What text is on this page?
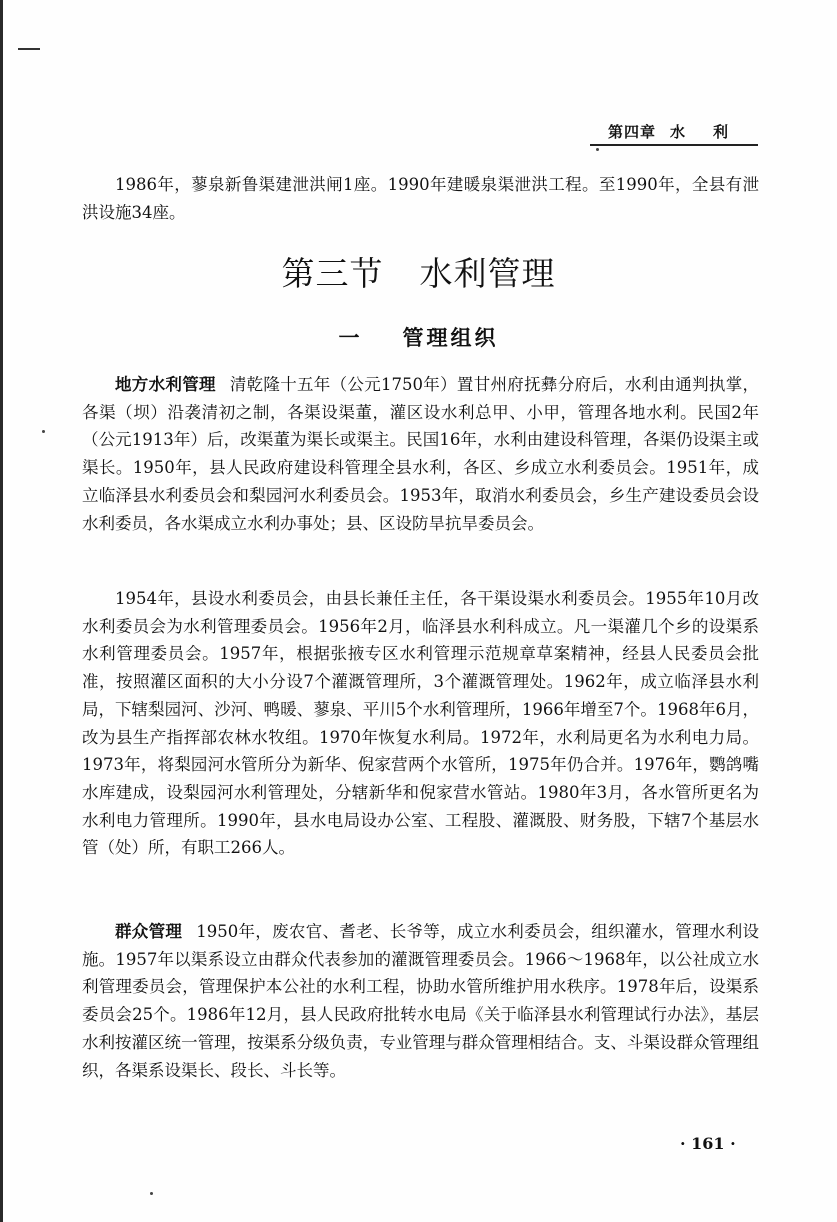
第四章 水利

1986年，蓼泉新鲁渠建泄洪闸1座。1990年建暖泉渠泄洪工程。至1990年，全县有泄洪设施34座。

第三节 水利管理
一 管理组织

地方水利管理 清乾隆十五年（公元1750年）置甘州府抚彝分府后，水利由通判执掌，各渠（坝）沿袭清初之制，各渠设渠董，灌区设水利总甲、小甲，管理各地水利。民国2年（公元1913年）后，改渠董为渠长或渠主。民国16年，水利由建设科管理，各渠仍设渠主或渠长。1950年，县人民政府建设科管理全县水利，各区、乡成立水利委员会。1951年，成立临泽县水利委员会和梨园河水利委员会。1953年，取消水利委员会，乡生产建设委员会设水利委员，各水渠成立水利办事处；县、区设防旱抗旱委员会。

1954年，县设水利委员会，由县长兼任主任，各干渠设渠水利委员会。1955年10月改水利委员会为水利管理委员会。1956年2月，临泽县水利科成立。凡一渠灌几个乡的设渠系水利管理委员会。1957年，根据张掖专区水利管理示范规章草案精神，经县人民委员会批准，按照灌区面积的大小分设7个灌溉管理所，3个灌溉管理处。1962年，成立临泽县水利局，下辖梨园河、沙河、鸭暖、蓼泉、平川5个水利管理所，1966年增至7个。1968年6月，改为县生产指挥部农林水牧组。1970年恢复水利局。1972年，水利局更名为水利电力局。1973年，将梨园河水管所分为新华、倪家营两个水管所，1975年仍合并。1976年，鹦鸽嘴水库建成，设梨园河水利管理处，分辖新华和倪家营水管站。1980年3月，各水管所更名为水利电力管理所。1990年，县水电局设办公室、工程股、灌溉股、财务股，下辖7个基层水管（处）所，有职工266人。

群众管理 1950年，废农官、耆老、长爷等，成立水利委员会，组织灌水，管理水利设施。1957年以渠系设立由群众代表参加的灌溉管理委员会。1966～1968年，以公社成立水利管理委员会，管理保护本公社的水利工程，协助水管所维护用水秩序。1978年后，设渠系委员会25个。1986年12月，县人民政府批转水电局《关于临泽县水利管理试行办法》，基层水利按灌区统一管理，按渠系分级负责，专业管理与群众管理相结合。支、斗渠设群众管理组织，各渠系设渠长、段长、斗长等。

· 161 ·
